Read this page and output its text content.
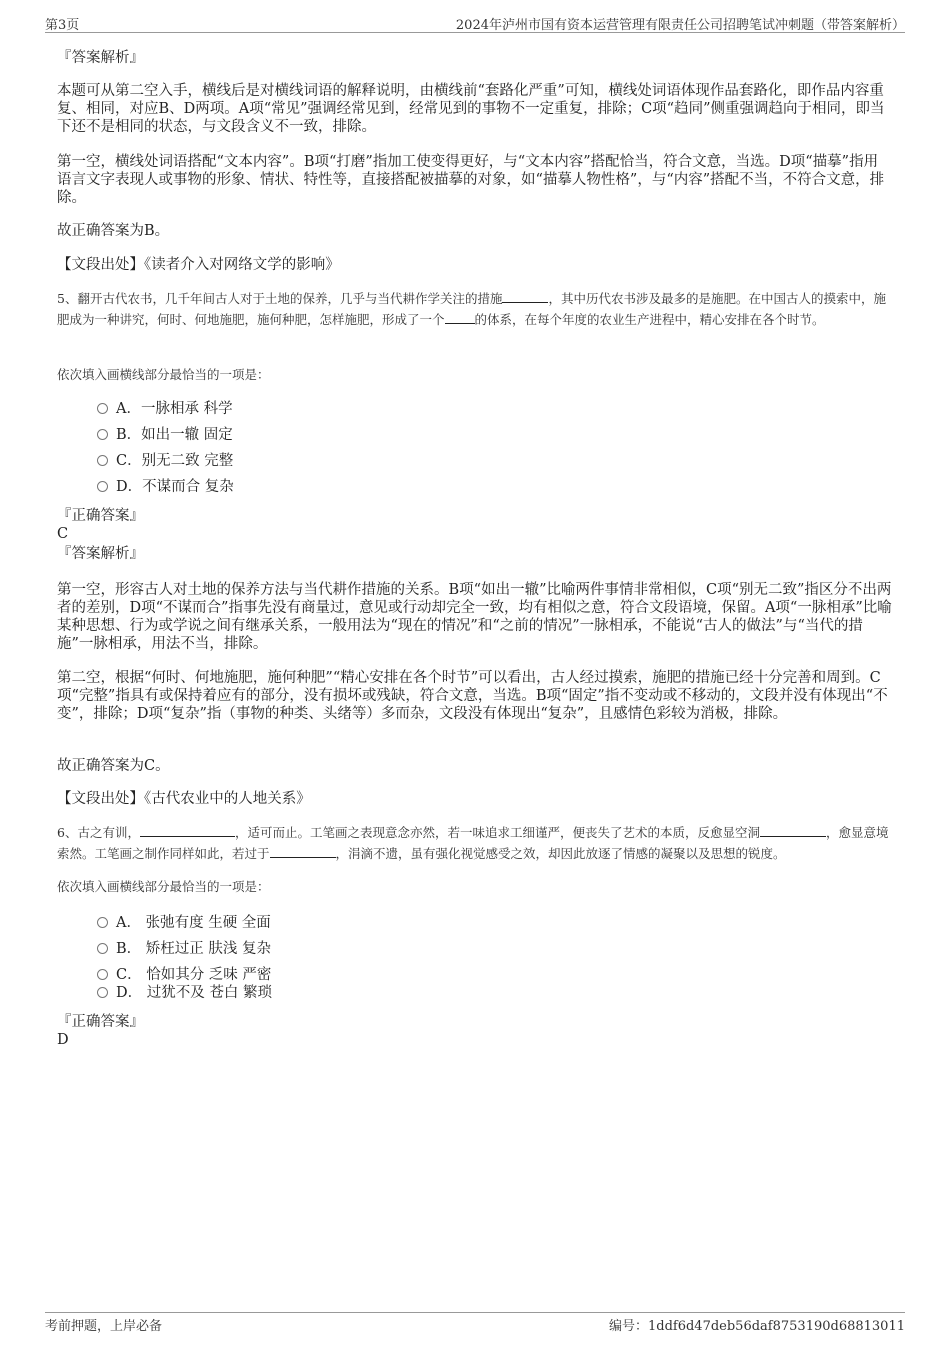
第3页	2024年泸州市国有资本运营管理有限责任公司招聘笔试冲刺题（带答案解析）
『答案解析』
本题可从第二空入手，横线后是对横线词语的解释说明，由横线前“套路化严重”可知，横线处词语体现作品套路化，即作品内容重复、相同，对应B、D两项。A项“常见”强调经常见到，经常见到的事物不一定重复，排除；C项“趋同”侧重强调趋向于相同，即当下还不是相同的状态，与文段含义不一致，排除。
第一空，横线处词语搭配“文本内容”。B项“打磨”指加工使变得更好，与“文本内容”搭配恰当，符合文意，当选。D项“描摹”指用语言文字表现人或事物的形象、情状、特性等，直接搭配被描摹的对象，如“描摹人物性格”，与“内容”搭配不当，不符合文意，排除。
故正确答案为B。
【文段出处】《读者介入对网络文学的影响》
5、翻开古代农书，几千年间古人对于土地的保养，几乎与当代耕作学关注的措施	，其中历代农书涉及最多的是施肥。在中国古人的摸索中，施肥成为一种讲究，何时、何地施肥，施何种肥，怎样施肥，形成了一个 的体系，在每个年度的农业生产进程中，精心安排在各个时节。
依次填入画横线部分最恰当的一项是：
A．一脉相承 科学
B．如出一辙 固定
C．别无二致 完整
D．不谋而合 复杂
『正确答案』
C
『答案解析』
第一空，形容古人对土地的保养方法与当代耕作措施的关系。B项“如出一辙”比喻两件事情非常相似，C项“别无二致”指区分不出两者的差别，D项“不谋而合”指事先没有商量过，意见或行动却完全一致，均有相似之意，符合文段语境，保留。A项“一脉相承”比喻某种思想、行为或学说之间有继承关系，一般用法为“现在的情况”和“之前的情况”一脉相承，不能说“古人的做法”与“当代的措施”一脉相承，用法不当，排除。
第二空，根据“何时、何地施肥，施何种肥”“精心安排在各个时节”可以看出，古人经过摸索，施肥的措施已经十分完善和周到。C项“完整”指具有或保持着应有的部分，没有损坏或残缺，符合文意，当选。B项“固定”指不变动或不移动的，文段并没有体现出“不变”，排除；D项“复杂”指（事物的种类、头绪等）多而杂，文段没有体现出“复杂”，且感情色彩较为消极，排除。
故正确答案为C。
【文段出处】《古代农业中的人地关系》
6、古之有训，	，适可而止。工笔画之表现意念亦然，若一味追求工细谨严，便丧失了艺术的本质，反愈显空洞	，愈显意境索然。工笔画之制作同样如此，若过于	，涓滴不遗，虽有强化视觉感受之效，却因此放逐了情感的凝聚以及思想的锐度。
依次填入画横线部分最恰当的一项是：
A． 张弛有度 生硬 全面
B． 矫枉过正 肤浅 复杂
C． 恰如其分 乏味 严密
D． 过犹不及 苍白 繁琐
『正确答案』
D
考前押题，上岸必备	编号：1ddf6d47deb56daf8753190d68813011
